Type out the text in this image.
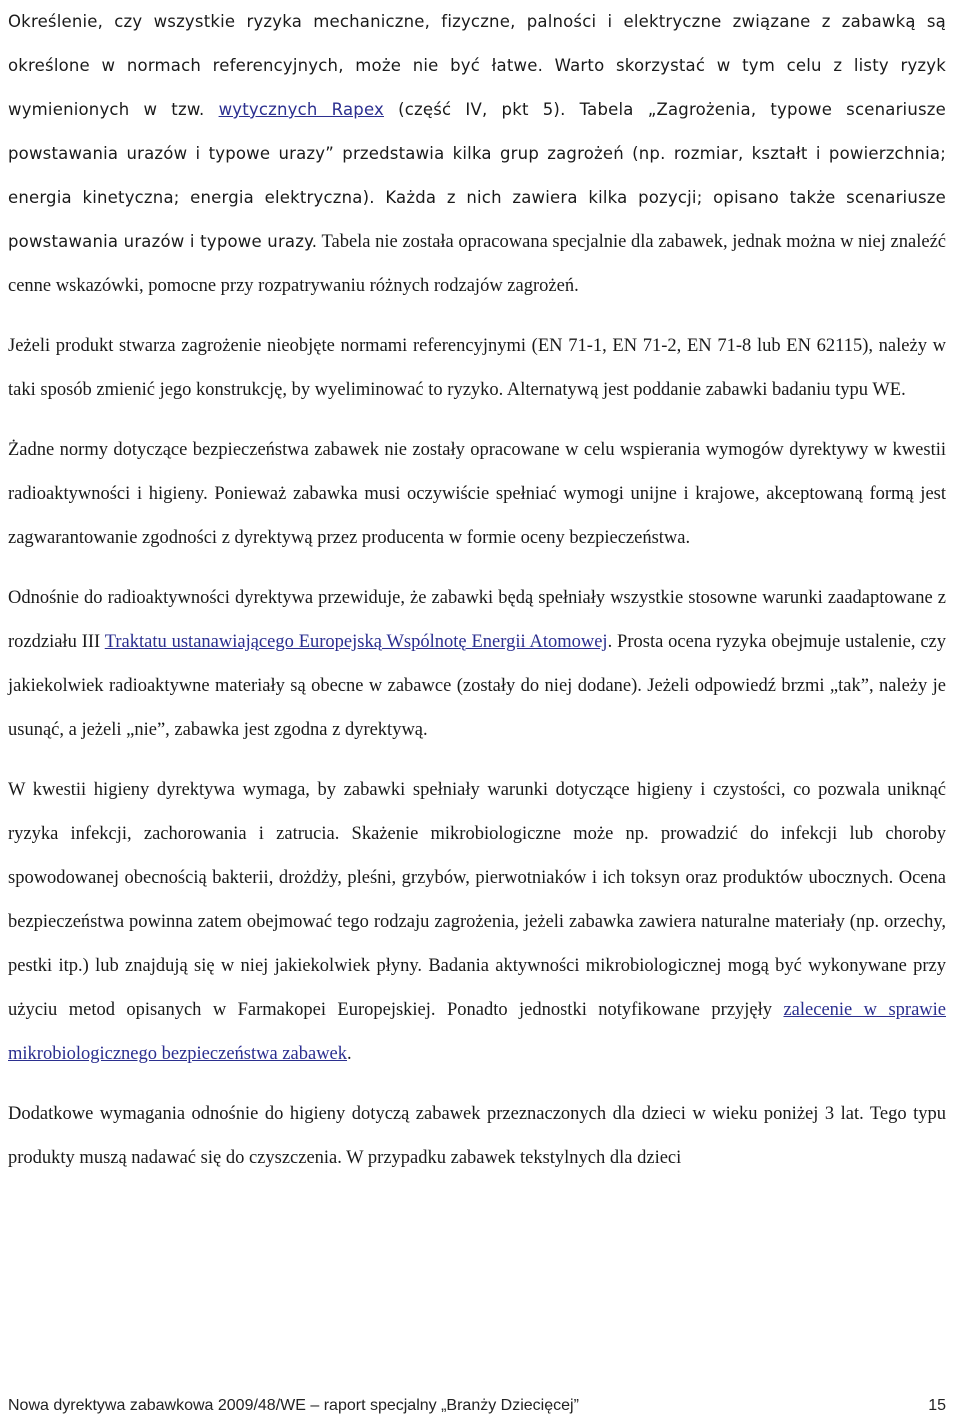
Określenie, czy wszystkie ryzyka mechaniczne, fizyczne, palności i elektryczne związane z zabawką są określone w normach referencyjnych, może nie być łatwe. Warto skorzystać w tym celu z listy ryzyk wymienionych w tzw. wytycznych Rapex (część IV, pkt 5). Tabela „Zagrożenia, typowe scenariusze powstawania urazów i typowe urazy” przedstawia kilka grup zagrożeń (np. rozmiar, kształt i powierzchnia; energia kinetyczna; energia elektryczna). Każda z nich zawiera kilka pozycji; opisano także scenariusze powstawania urazów i typowe urazy. Tabela nie została opracowana specjalnie dla zabawek, jednak można w niej znaleźć cenne wskazówki, pomocne przy rozpatrywaniu różnych rodzajów zagrożeń.

Jeżeli produkt stwarza zagrożenie nieobjęte normami referencyjnymi (EN 71-1, EN 71-2, EN 71-8 lub EN 62115), należy w taki sposób zmienić jego konstrukcję, by wyeliminować to ryzyko. Alternatywą jest poddanie zabawki badaniu typu WE.

Żadne normy dotyczące bezpieczeństwa zabawek nie zostały opracowane w celu wspierania wymogów dyrektywy w kwestii radioaktywności i higieny. Ponieważ zabawka musi oczywiście spełniać wymogi unijne i krajowe, akceptowaną formą jest zagwarantowanie zgodności z dyrektywą przez producenta w formie oceny bezpieczeństwa.

Odnośnie do radioaktywności dyrektywa przewiduje, że zabawki będą spełniały wszystkie stosowne warunki zaadaptowane z rozdziału III Traktatu ustanawiającego Europejską Wspólnotę Energii Atomowej. Prosta ocena ryzyka obejmuje ustalenie, czy jakiekolwiek radioaktywne materiały są obecne w zabawce (zostały do niej dodane). Jeżeli odpowiedź brzmi „tak”, należy je usunąć, a jeżeli „nie”, zabawka jest zgodna z dyrektywą.

W kwestii higieny dyrektywa wymaga, by zabawki spełniały warunki dotyczące higieny i czystości, co pozwala uniknąć ryzyka infekcji, zachorowania i zatrucia. Skażenie mikrobiologiczne może np. prowadzić do infekcji lub choroby spowodowanej obecnością bakterii, drożdży, pleśni, grzybów, pierwotniaków i ich toksyn oraz produktów ubocznych. Ocena bezpieczeństwa powinna zatem obejmować tego rodzaju zagrożenia, jeżeli zabawka zawiera naturalne materiały (np. orzechy, pestki itp.) lub znajdują się w niej jakiekolwiek płyny. Badania aktywności mikrobiologicznej mogą być wykonywane przy użyciu metod opisanych w Farmakopei Europejskiej. Ponadto jednostki notyfikowane przyjęły zalecenie w sprawie mikrobiologicznego bezpieczeństwa zabawek.

Dodatkowe wymagania odnośnie do higieny dotyczą zabawek przeznaczonych dla dzieci w wieku poniżej 3 lat. Tego typu produkty muszą nadawać się do czyszczenia. W przypadku zabawek tekstylnych dla dzieci

Nowa dyrektywa zabawkowa 2009/48/WE – raport specjalny „Branży Dziecięcej”	15
